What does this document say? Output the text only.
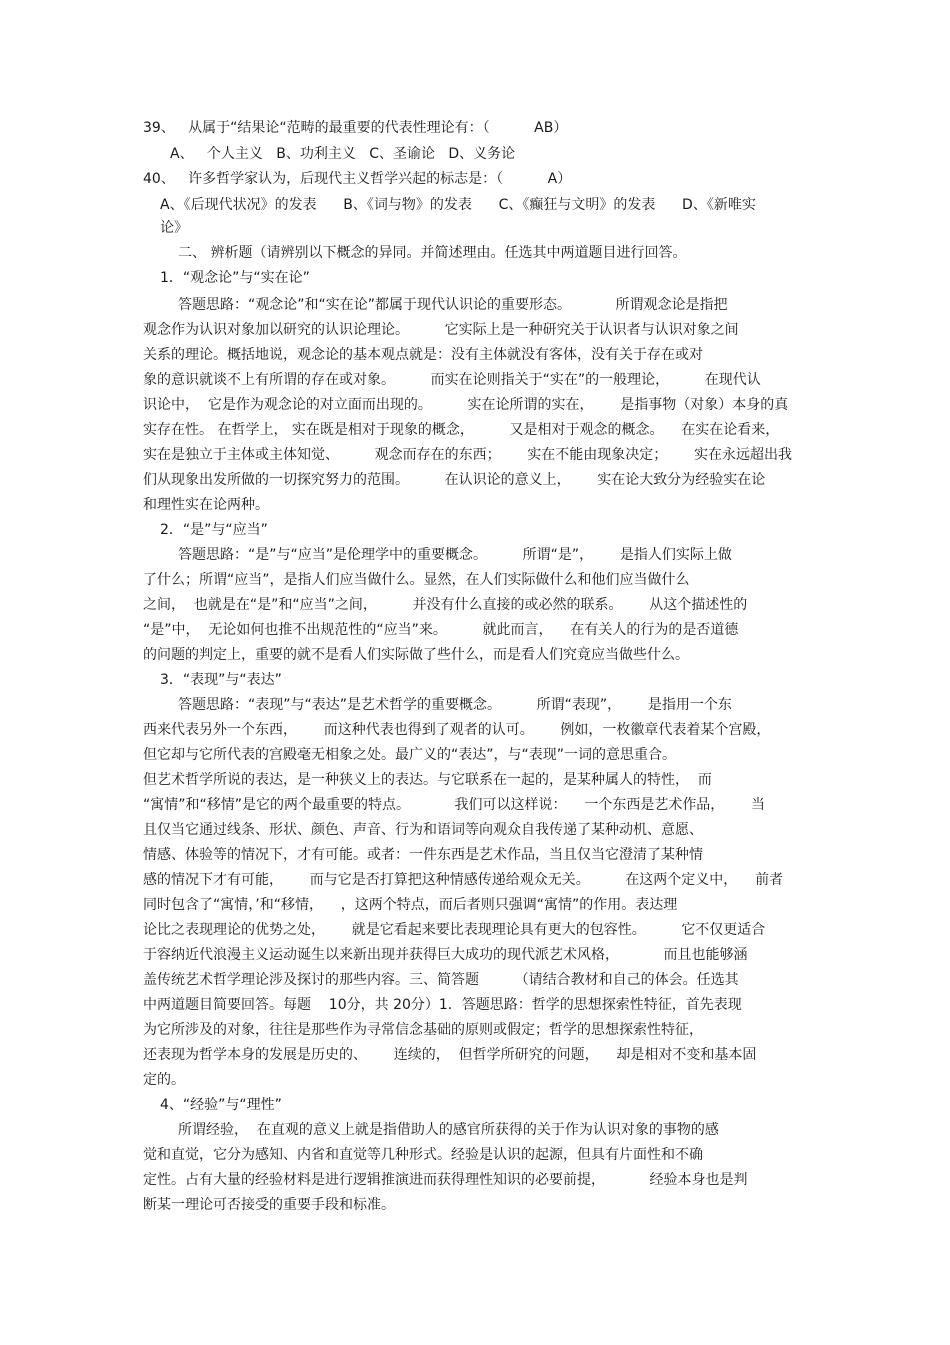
39、   从属于“结果论“范畴的最重要的代表性理论有：（          AB）

A、   个人主义   B、功利主义   C、圣谕论   D、义务论

40、   许多哲学家认为，后现代主义哲学兴起的标志是：（          A）

A、《后现代状况》的发表      B、《词与物》的发表      C、《癫狂与文明》的发表      D、《新唯实

论》

二、 辨析题（请辨别以下概念的异同。并简述理由。任选其中两道题目进行回答。

1．“观念论”与“实在论”

答题思路：“观念论”和“实在论”都属于现代认识论的重要形态。          所谓观念论是指把

观念作为认识对象加以研究的认识论理论。        它实际上是一种研究关于认识者与认识对象之间

关系的理论。概括地说，观念论的基本观点就是：没有主体就没有客体，没有关于存在或对

象的意识就谈不上有所谓的存在或对象。        而实在论则指关于“实在”的一般理论，        在现代认

识论中，  它是作为观念论的对立面而出现的。        实在论所谓的实在，      是指事物（对象）本身的真

实存在性。 在哲学上， 实在既是相对于现象的概念，        又是相对于观念的概念。    在实在论看来，

实在是独立于主体或主体知觉、        观念而存在的东西；      实在不能由现象决定；      实在永远超出我

们从现象出发所做的一切探究努力的范围。        在认识论的意义上，      实在论大致分为经验实在论

和理性实在论两种。

2．“是”与“应当”

答题思路：“是”与“应当”是伦理学中的重要概念。        所谓“是”，      是指人们实际上做

了什么；所谓“应当”，是指人们应当做什么。显然，在人们实际做什么和他们应当做什么

之间，  也就是在“是”和“应当”之间，        并没有什么直接的或必然的联系。      从这个描述性的

“是”中，  无论如何也推不出规范性的“应当”来。        就此而言，    在有关人的行为的是否道德

的问题的判定上，重要的就不是看人们实际做了些什么，而是看人们究竟应当做些什么。

3．“表现”与“表达”

答题思路：“表现”与“表达”是艺术哲学的重要概念。        所谓“表现”，      是指用一个东

西来代表另外一个东西，      而这种代表也得到了观者的认可。      例如，一枚徽章代表着某个宫殿，

但它却与它所代表的宫殿毫无相象之处。最广义的“表达”，与“表现”一词的意思重合。

但艺术哲学所说的表达，是一种狭义上的表达。与它联系在一起的，是某种属人的特性，  而

“寓情”和“移情”是它的两个最重要的特点。          我们可以这样说：    一个东西是艺术作品，      当

且仅当它通过线条、形状、颜色、声音、行为和语词等向观众自我传递了某种动机、意愿、

情感、体验等的情况下，才有可能。或者：一件东西是艺术作品，当且仅当它澄清了某种情

感的情况下才有可能，      而与它是否打算把这种情感传递给观众无关。        在这两个定义中，    前者

同时包含了“寓情，’和“移情，    ，这两个特点，而后者则只强调“寓情”的作用。表达理

论比之表现理论的优势之处，      就是它看起来要比表现理论具有更大的包容性。        它不仅更适合

于容纳近代浪漫主义运动诞生以来新出现并获得巨大成功的现代派艺术风格，          而且也能够涵

盖传统艺术哲学理论涉及探讨的那些内容。三、简答题        （请结合教材和自己的体会。任选其

中两道题目简要回答。每题    10分，共 20分）1．答题思路：哲学的思想探索性特征，首先表现

为它所涉及的对象，往往是那些作为寻常信念基础的原则或假定；哲学的思想探索性特征，

还表现为哲学本身的发展是历史的、      连续的，  但哲学所研究的问题，    却是相对不变和基本固

定的。

4、“经验”与“理性”

所谓经验，  在直观的意义上就是指借助人的感官所获得的关于作为认识对象的事物的感

觉和直觉，它分为感知、内省和直觉等几种形式。经验是认识的起源，但具有片面性和不确

定性。占有大量的经验材料是进行逻辑推演进而获得理性知识的必要前提，          经验本身也是判

断某一理论可否接受的重要手段和标准。
